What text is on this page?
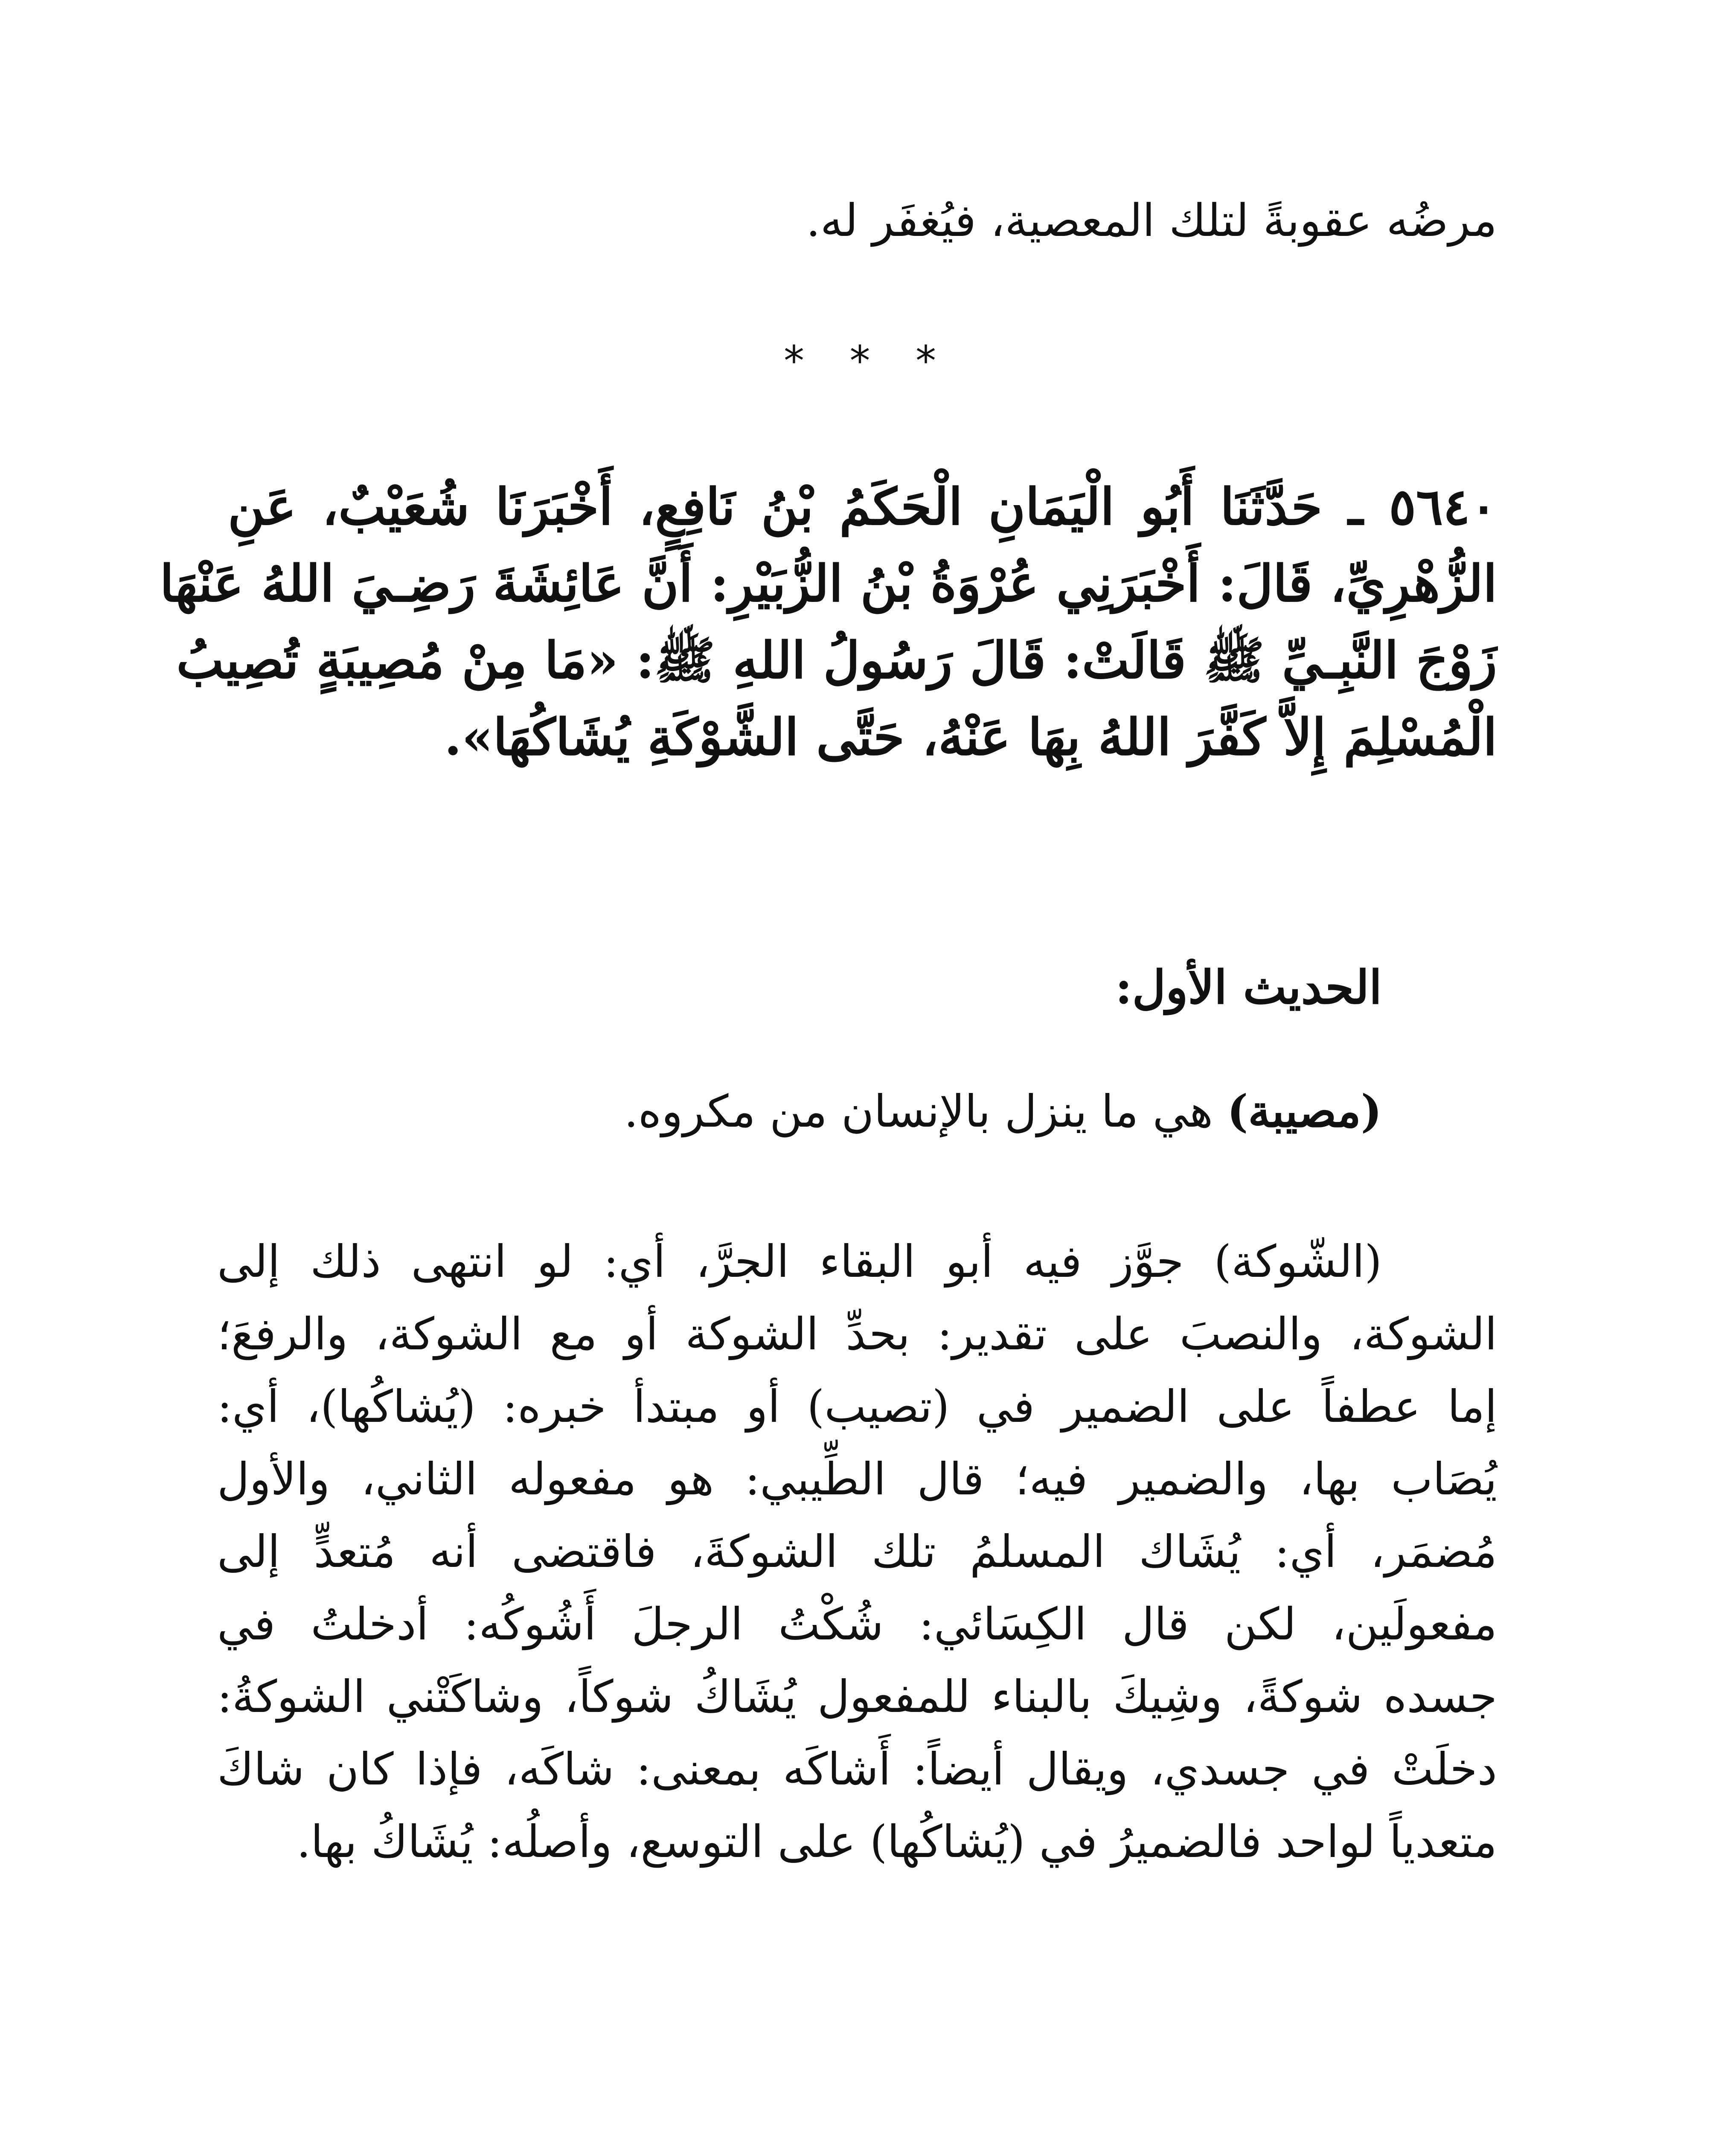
مرضُه عقوبةً لتلك المعصية، فيُغفَر له.
* * *
٥٦٤٠ ـ حَدَّثَنَا أَبُو الْيَمَانِ الْحَكَمُ بْنُ نَافِعٍ، أَخْبَرَنَا شُعَيْبٌ، عَنِ
الزُّهْرِيِّ، قَالَ: أَخْبَرَنِي عُرْوَةُ بْنُ الزُّبَيْرِ: أَنَّ عَائِشَةَ رَضِـيَ اللهُ عَنْهَا
زَوْجَ النَّبِـيِّ ﷺ قَالَتْ: قَالَ رَسُولُ اللهِ ﷺ: «مَا مِنْ مُصِيبَةٍ تُصِيبُ
الْمُسْلِمَ إِلاَّ كَفَّرَ اللهُ بِهَا عَنْهُ، حَتَّى الشَّوْكَةِ يُشَاكُهَا».
الحديث الأول:
(مصيبة) هي ما ينزل بالإنسان من مكروه.
(الشّوكة) جوَّز فيه أبو البقاء الجرَّ، أي: لو انتهى ذلك إلى
الشوكة، والنصبَ على تقدير: بحدِّ الشوكة أو مع الشوكة، والرفعَ؛
إما عطفاً على الضمير في (تصيب) أو مبتدأ خبره: (يُشاكُها)، أي:
يُصَاب بها، والضمير فيه؛ قال الطِّيبي: هو مفعوله الثاني، والأول
مُضمَر، أي: يُشَاك المسلمُ تلك الشوكةَ، فاقتضى أنه مُتعدٍّ إلى
مفعولَين، لكن قال الكِسَائي: شُكْتُ الرجلَ أَشُوكُه: أدخلتُ في
جسده شوكةً، وشِيكَ بالبناء للمفعول يُشَاكُ شوكاً، وشاكَتْني الشوكةُ:
دخلَتْ في جسدي، ويقال أيضاً: أَشاكَه بمعنى: شاكَه، فإذا كان شاكَ
متعدياً لواحد فالضميرُ في (يُشاكُها) على التوسع، وأصلُه: يُشَاكُ بها.
